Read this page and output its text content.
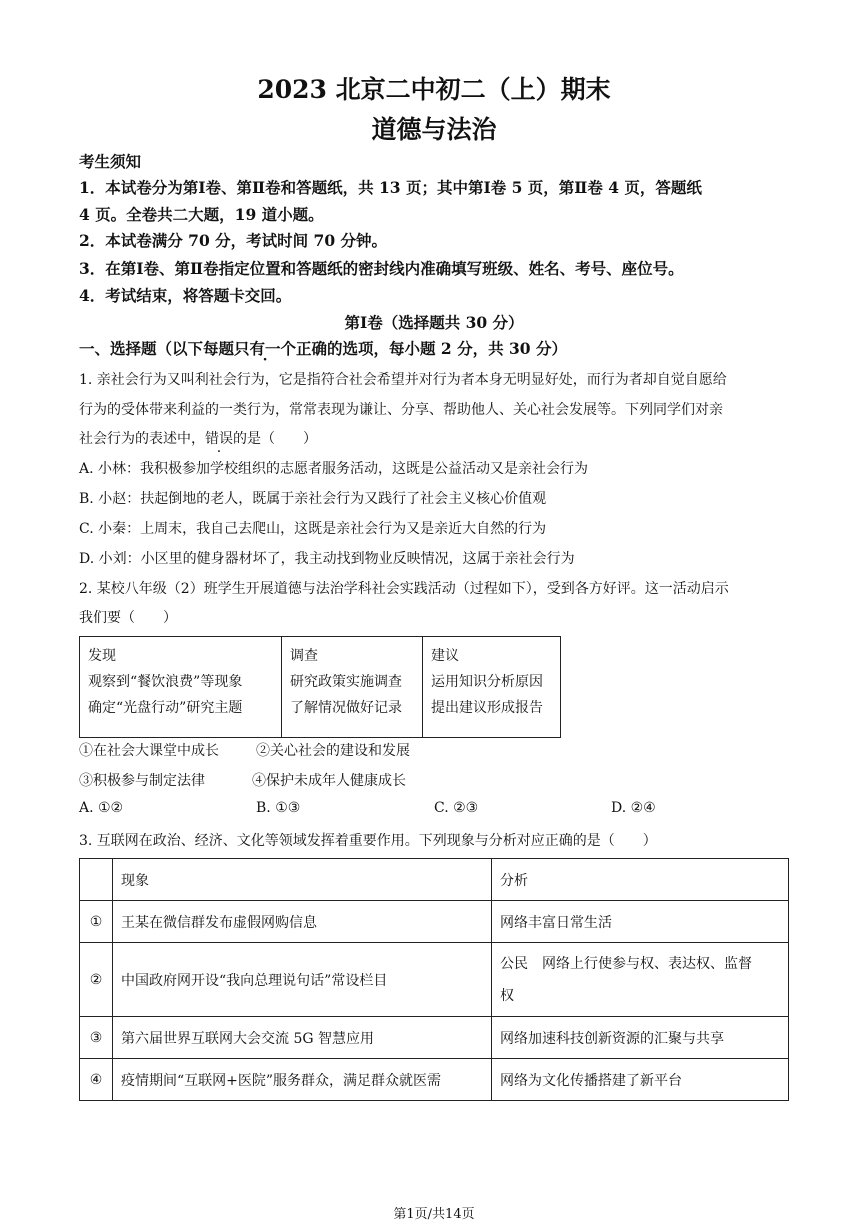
2023 北京二中初二（上）期末
道德与法治
考生须知
1．本试卷分为第Ⅰ卷、第Ⅱ卷和答题纸，共 13 页；其中第Ⅰ卷 5 页，第Ⅱ卷 4 页，答题纸
4 页。全卷共二大题，19 道小题。
2．本试卷满分 70 分，考试时间 70 分钟。
3．在第Ⅰ卷、第Ⅱ卷指定位置和答题纸的密封线内准确填写班级、姓名、考号、座位号。
4．考试结束，将答题卡交回。
第Ⅰ卷（选择题共 30 分）
一、选择题（以下每题只有一个正确的选项，每小题 2 分，共 30 分）
1. 亲社会行为又叫利社会行为，它是指符合社会希望并对行为者本身无明显好处，而行为者却自觉自愿给
行为的受体带来利益的一类行为，常常表现为谦让、分享、帮助他人、关心社会发展等。下列同学们对亲
社会行为的表述中，错误的是（　　）
A. 小林：我积极参加学校组织的志愿者服务活动，这既是公益活动又是亲社会行为
B. 小赵：扶起倒地的老人，既属于亲社会行为又践行了社会主义核心价值观
C. 小秦：上周末，我自己去爬山，这既是亲社会行为又是亲近大自然的行为
D. 小刘：小区里的健身器材坏了，我主动找到物业反映情况，这属于亲社会行为
2. 某校八年级（2）班学生开展道德与法治学科社会实践活动（过程如下），受到各方好评。这一活动启示
我们要（　　）
发现
观察到“餐饮浪费”等现象
确定“光盘行动”研究主题

调查
研究政策实施调查
了解情况做好记录

建议
运用知识分析原因
提出建议形成报告
①在社会大课堂中成长	②关心社会的建设和发展
③积极参与制定法律	④保护未成年人健康成长
A. ①②	B. ①③	C. ②③	D. ②④
3. 互联网在政治、经济、文化等领域发挥着重要作用。下列现象与分析对应正确的是（　　）
	现象	分析
①	王某在微信群发布虚假网购信息	网络丰富日常生活
②	中国政府网开设“我向总理说句话”常设栏目	公民　网络上行使参与权、表达权、监督
权

③	第六届世界互联网大会交流 5G 智慧应用	网络加速科技创新资源的汇聚与共享
④	疫情期间“互联网+医院”服务群众，满足群众就医需	网络为文化传播搭建了新平台
第1页/共14页
